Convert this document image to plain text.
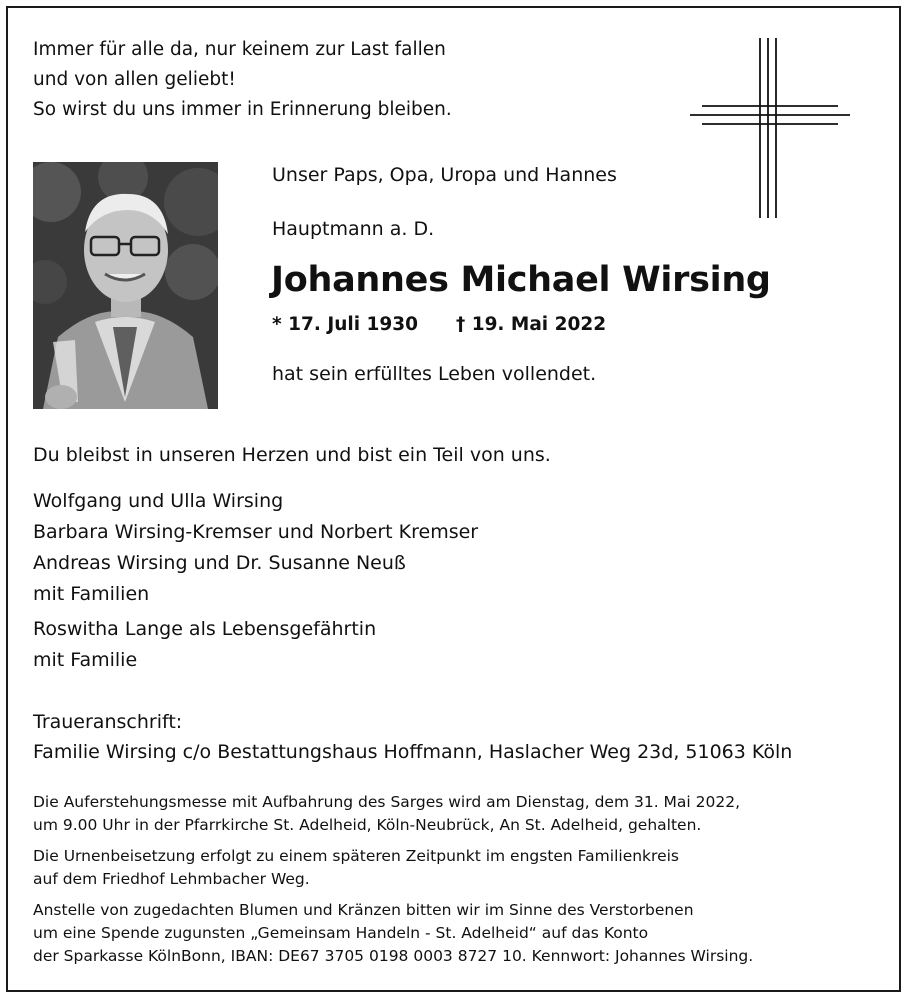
Immer für alle da, nur keinem zur Last fallen
und von allen geliebt!
So wirst du uns immer in Erinnerung bleiben.
Unser Paps, Opa, Uropa und Hannes
Hauptmann a. D.
Johannes Michael Wirsing
* 17. Juli 1930 † 19. Mai 2022
hat sein erfülltes Leben vollendet.
Du bleibst in unseren Herzen und bist ein Teil von uns.
Wolfgang und Ulla Wirsing
Barbara Wirsing-Kremser und Norbert Kremser
Andreas Wirsing und Dr. Susanne Neuß
mit Familien
Roswitha Lange als Lebensgefährtin
mit Familie
Traueranschrift:
Familie Wirsing c/o Bestattungshaus Hoffmann, Haslacher Weg 23d, 51063 Köln
Die Auferstehungsmesse mit Aufbahrung des Sarges wird am Dienstag, dem 31. Mai 2022,
um 9.00 Uhr in der Pfarrkirche St. Adelheid, Köln-Neubrück, An St. Adelheid, gehalten.
Die Urnenbeisetzung erfolgt zu einem späteren Zeitpunkt im engsten Familienkreis
auf dem Friedhof Lehmbacher Weg.
Anstelle von zugedachten Blumen und Kränzen bitten wir im Sinne des Verstorbenen
um eine Spende zugunsten „Gemeinsam Handeln - St. Adelheid“ auf das Konto
der Sparkasse KölnBonn, IBAN: DE67 3705 0198 0003 8727 10. Kennwort: Johannes Wirsing.
